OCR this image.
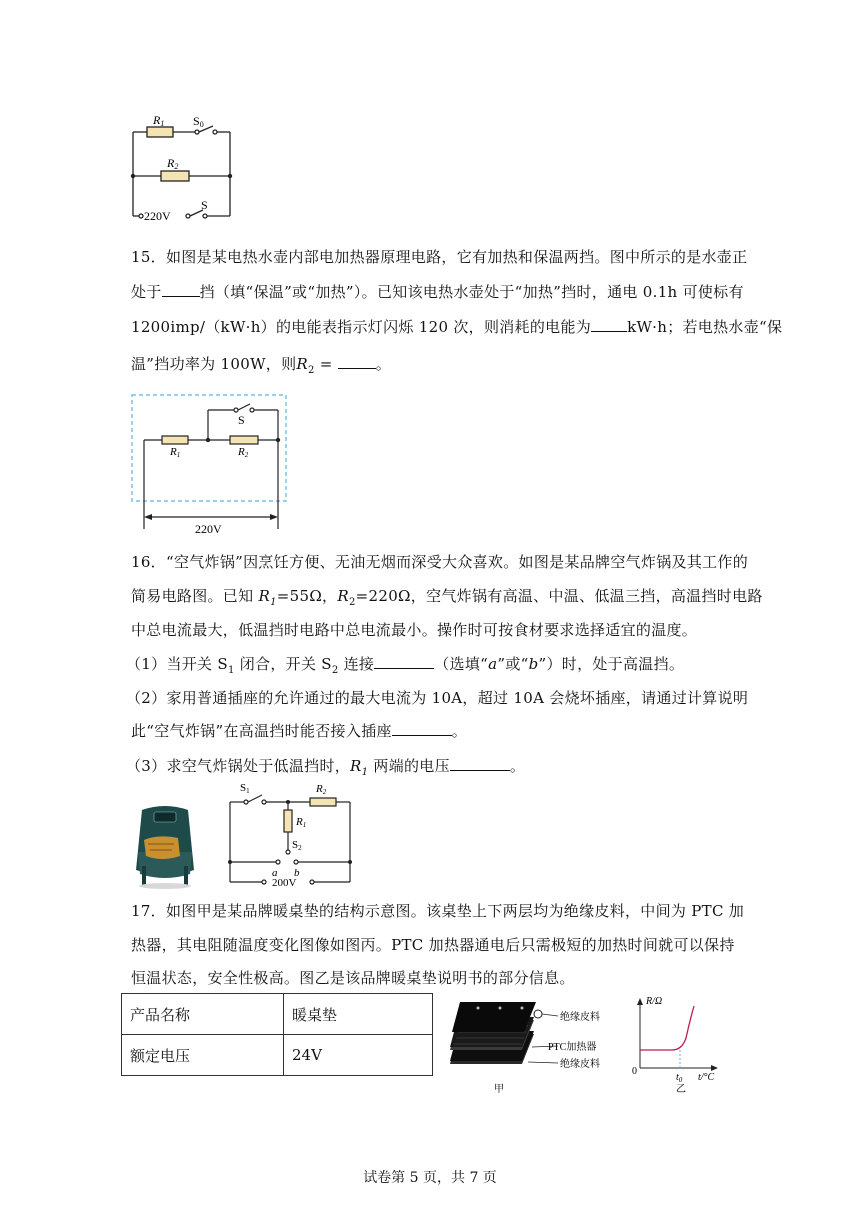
R1 S0
R2
220V
S
15．如图是某电热水壶内部电加热器原理电路，它有加热和保温两挡。图中所示的是水壶正
处于	挡（填“保温”或“加热”）。已知该电热水壶处于“加热”挡时，通电 0.1h 可使标有
1200imp/（kW·h）的电能表指示灯闪烁 120 次，则消耗的电能为 kW·h；若电热水壶“保
温”挡功率为 100W，则$R_2$ =	。
S
R1	R2
220V
16．“空气炸锅”因烹饪方便、无油无烟而深受大众喜欢。如图是某品牌空气炸锅及其工作的
简易电路图。已知 $R_1=55\Omega$，$R_2=220\Omega$，空气炸锅有高温、中温、低温三挡，高温挡时电路
中总电流最大，低温挡时电路中总电流最小。操作时可按食材要求选择适宜的温度。
（1）当开关 $S_1$ 闭合，开关 $S_2$ 连接	（选填“a”或“b”）时，处于高温挡。
（2）家用普通插座的允许通过的最大电流为 10A，超过 10A 会烧坏插座，请通过计算说明
此“空气炸锅”在高温挡时能否接入插座	。
（3）求空气炸锅处于低温挡时，$R_1$ 两端的电压	。
S1	R2
R1
S2
a b
200V
17．如图甲是某品牌暖桌垫的结构示意图。该桌垫上下两层均为绝缘皮料，中间为 PTC 加
热器，其电阻随温度变化图像如图丙。PTC 加热器通电后只需极短的加热时间就可以保持
恒温状态，安全性极高。图乙是该品牌暖桌垫说明书的部分信息。
产品名称	暖桌垫
额定电压	24V
绝缘皮料
PTC加热器
绝缘皮料
甲
R/Ω
0
$t_0$ t/°C
乙
试卷第 5 页，共 7 页
